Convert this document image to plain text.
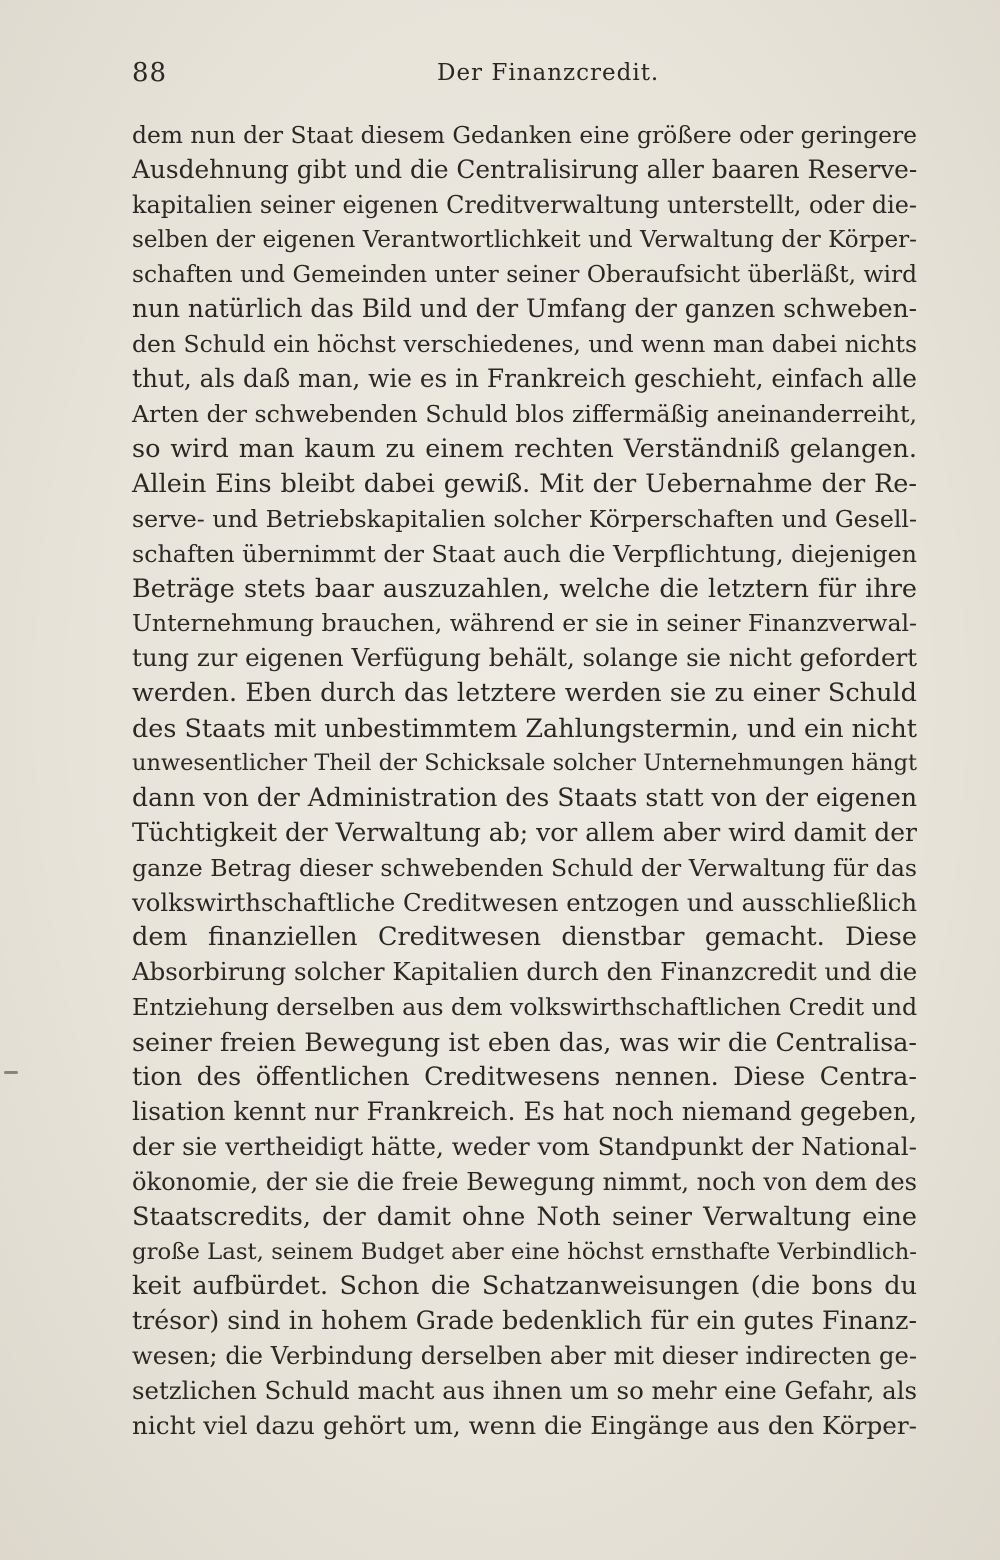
88	Der Finanzcredit.
dem nun der Staat diesem Gedanken eine größere oder geringere
Ausdehnung gibt und die Centralisirung aller baaren Reserve-
kapitalien seiner eigenen Creditverwaltung unterstellt, oder die-
selben der eigenen Verantwortlichkeit und Verwaltung der Körper-
schaften und Gemeinden unter seiner Oberaufsicht überläßt, wird
nun natürlich das Bild und der Umfang der ganzen schweben-
den Schuld ein höchst verschiedenes, und wenn man dabei nichts
thut, als daß man, wie es in Frankreich geschieht, einfach alle
Arten der schwebenden Schuld blos ziffermäßig aneinanderreiht,
so wird man kaum zu einem rechten Verständniß gelangen.
Allein Eins bleibt dabei gewiß. Mit der Uebernahme der Re-
serve- und Betriebskapitalien solcher Körperschaften und Gesell-
schaften übernimmt der Staat auch die Verpflichtung, diejenigen
Beträge stets baar auszuzahlen, welche die letztern für ihre
Unternehmung brauchen, während er sie in seiner Finanzverwal-
tung zur eigenen Verfügung behält, solange sie nicht gefordert
werden. Eben durch das letztere werden sie zu einer Schuld
des Staats mit unbestimmtem Zahlungstermin, und ein nicht
unwesentlicher Theil der Schicksale solcher Unternehmungen hängt
dann von der Administration des Staats statt von der eigenen
Tüchtigkeit der Verwaltung ab; vor allem aber wird damit der
ganze Betrag dieser schwebenden Schuld der Verwaltung für das
volkswirthschaftliche Creditwesen entzogen und ausschließlich
dem finanziellen Creditwesen dienstbar gemacht. Diese
Absorbirung solcher Kapitalien durch den Finanzcredit und die
Entziehung derselben aus dem volkswirthschaftlichen Credit und
seiner freien Bewegung ist eben das, was wir die Centralisa-
tion des öffentlichen Creditwesens nennen. Diese Centra-
lisation kennt nur Frankreich. Es hat noch niemand gegeben,
der sie vertheidigt hätte, weder vom Standpunkt der National-
ökonomie, der sie die freie Bewegung nimmt, noch von dem des
Staatscredits, der damit ohne Noth seiner Verwaltung eine
große Last, seinem Budget aber eine höchst ernsthafte Verbindlich-
keit aufbürdet. Schon die Schatzanweisungen (die bons du
trésor) sind in hohem Grade bedenklich für ein gutes Finanz-
wesen; die Verbindung derselben aber mit dieser indirecten ge-
setzlichen Schuld macht aus ihnen um so mehr eine Gefahr, als
nicht viel dazu gehört um, wenn die Eingänge aus den Körper-
